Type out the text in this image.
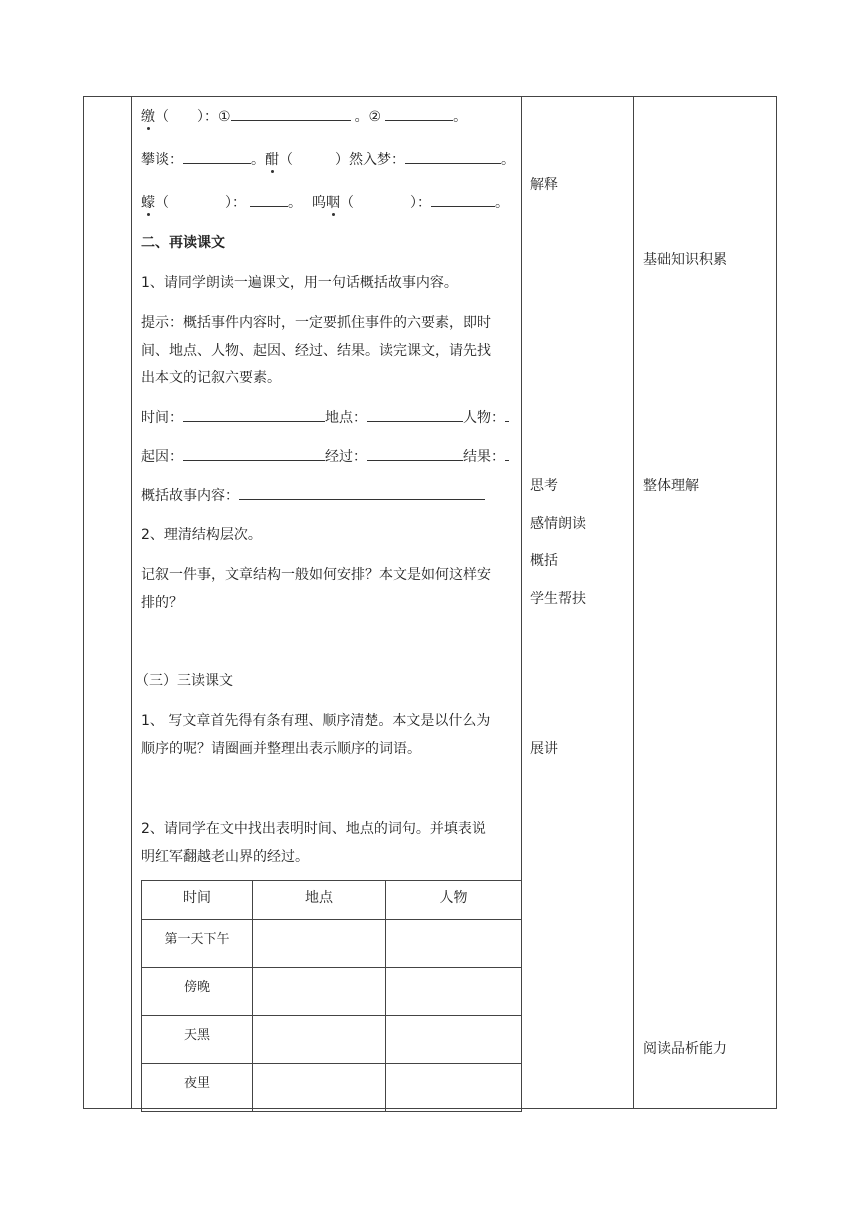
缴（　　）：①	。②	。
攀谈：	。酣（　　　）然入梦：	。
蠓（　　　　）：	。 呜咽（　　　　）：	。
二、再读课文
1、请同学朗读一遍课文，用一句话概括故事内容。
提示：概括事件内容时，一定要抓住事件的六要素，即时
间、地点、人物、起因、经过、结果。读完课文，请先找
出本文的记叙六要素。
时间：	地点：	人物：
起因：	经过：	结果：
概括故事内容：
2、理清结构层次。
记叙一件事，文章结构一般如何安排？本文是如何这样安
排的？
（三）三读课文
1、 写文章首先得有条有理、顺序清楚。本文是以什么为
顺序的呢？请圈画并整理出表示顺序的词语。
2、请同学在文中找出表明时间、地点的词句。并填表说
明红军翻越老山界的经过。
时间	地点	人物
第一天下午		
傍晚		
天黑		
夜里		
解释
思考
感情朗读
概括
学生帮扶
展讲
基础知识积累
整体理解
阅读品析能力
